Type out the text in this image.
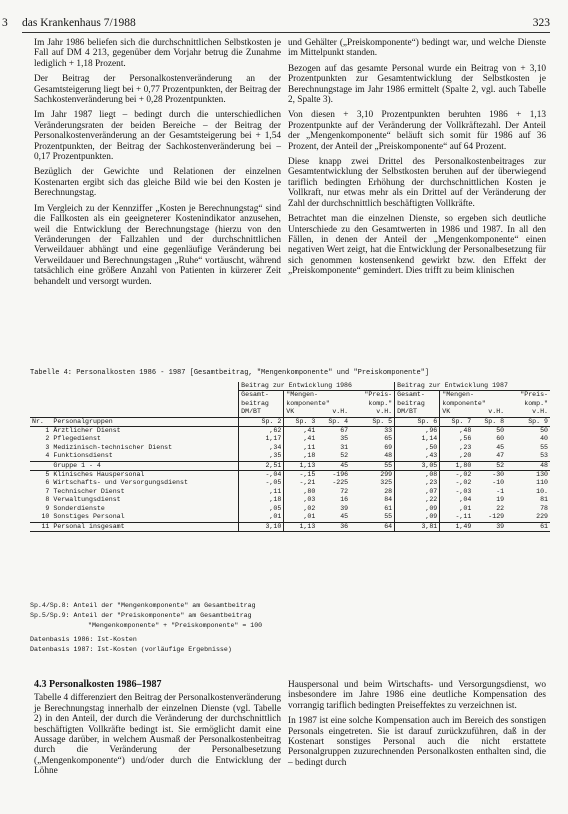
3 das Krankenhaus 7/1988	323

Im Jahr 1986 beliefen sich die durchschnittlichen Selbstkosten je Fall auf DM 4 213, gegenüber dem Vorjahr betrug die Zunahme lediglich + 1,18 Prozent.

Der Beitrag der Personalkostenveränderung an der Gesamtsteigerung liegt bei + 0,77 Prozentpunkten, der Beitrag der Sachkostenveränderung bei + 0,28 Prozentpunkten.

Im Jahr 1987 liegt – bedingt durch die unterschiedlichen Veränderungsraten der beiden Bereiche – der Beitrag der Personalkostenveränderung an der Gesamtsteigerung bei + 1,54 Prozentpunkten, der Beitrag der Sachkostenveränderung bei – 0,17 Prozentpunkten.

Bezüglich der Gewichte und Relationen der einzelnen Kostenarten ergibt sich das gleiche Bild wie bei den Kosten je Berechnungstag.

Im Vergleich zu der Kennziffer „Kosten je Berechnungstag“ sind die Fallkosten als ein geeigneterer Kostenindikator anzusehen, weil die Entwicklung der Berechnungstage (hierzu von den Veränderungen der Fallzahlen und der durchschnittlichen Verweildauer abhängt und eine gegenläufige Veränderung bei Verweildauer und Berechnungstagen „Ruhe“ vortäuscht, während tatsächlich eine größere Anzahl von Patienten in kürzerer Zeit behandelt und versorgt wurden.

und Gehälter („Preiskomponente“) bedingt war, und welche Dienste im Mittelpunkt standen.

Bezogen auf das gesamte Personal wurde ein Beitrag von + 3,10 Prozentpunkten zur Gesamtentwicklung der Selbstkosten je Berechnungstage im Jahr 1986 ermittelt (Spalte 2, vgl. auch Tabelle 2, Spalte 3).

Von diesen + 3,10 Prozentpunkten beruhten 1986 + 1,13 Prozentpunkte auf der Veränderung der Vollkräftezahl. Der Anteil der „Mengenkomponente“ beläuft sich somit für 1986 auf 36 Prozent, der Anteil der „Preiskomponente“ auf 64 Prozent.

Diese knapp zwei Drittel des Personalkostenbeitrages zur Gesamtentwicklung der Selbstkosten beruhen auf der überwiegend tariflich bedingten Erhöhung der durchschnittlichen Kosten je Vollkraft, nur etwas mehr als ein Drittel auf der Veränderung der Zahl der durchschnittlich beschäftigten Vollkräfte.

Betrachtet man die einzelnen Dienste, so ergeben sich deutliche Unterschiede zu den Gesamtwerten in 1986 und 1987. In all den Fällen, in denen der Anteil der „Mengenkomponente“ einen negativen Wert zeigt, hat die Entwicklung der Personalbesetzung für sich genommen kostensenkend gewirkt bzw. den Effekt der „Preiskomponente“ gemindert. Dies trifft zu beim klinischen

Tabelle 4: Personalkosten 1986 - 1987 [Gesamtbeitrag, "Mengenkomponente" und "Preiskomponente"]
		Beitrag zur Entwicklung 1986				Beitrag zur Entwicklung 1987			
		Gesamt-	"Mengen-		"Preis-	Gesamt-	"Mengen-		"Preis-
		beitrag	komponente"		komp."	beitrag	komponente"		komp."
		DM/BT	VK	v.H.	v.H.	DM/BT	VK	v.H.	v.H.
Nr.	Personalgruppen	Sp. 2	Sp. 3	Sp. 4	Sp. 5	Sp. 6	Sp. 7	Sp. 8	Sp. 9
1	Ärztlicher Dienst	,62	,41	67	33	,96	,48	50	50
2	Pflegedienst	1,17	,41	35	65	1,14	,56	60	40
3	Medizinisch-technischer Dienst	,34	,11	31	69	,50	,23	45	55
4	Funktionsdienst	,35	,18	52	48	,43	,20	47	53
	Gruppe 1 - 4	2,51	1,13	45	55	3,05	1,80	52	48
5	Klinisches Hauspersonal	-,04	-,15	-196	299	,08	-,02	-30	130
6	Wirtschafts- und Versorgungsdienst	-,05	-,21	-225	325	,23	-,02	-10	110
7	Technischer Dienst	,11	,80	72	28	,07	-,03	-1	10.
8	Verwaltungsdienst	,18	,03	16	84	,22	,04	19	81
9	Sonderdienste	,05	,02	39	61	,09	,01	22	78
10	Sonstiges Personal	,01	,01	45	55	,09	-,11	-129	229
11	Personal insgesamt	3,10	1,13	36	64	3,81	1,49	39	61
Sp.4/Sp.8: Anteil der "Mengenkomponente" am Gesamtbeitrag
Sp.5/Sp.9: Anteil der "Preiskomponente" am Gesamtbeitrag
"Mengenkomponente" + "Preiskomponente" = 100
Datenbasis 1986: Ist-Kosten
Datenbasis 1987: Ist-Kosten (vorläufige Ergebnisse)
4.3 Personalkosten 1986–1987

Tabelle 4 differenziert den Beitrag der Personalkostenveränderung je Berechnungstag innerhalb der einzelnen Dienste (vgl. Tabelle 2) in den Anteil, der durch die Veränderung der durchschnittlich beschäftigten Vollkräfte bedingt ist. Sie ermöglicht damit eine Aussage darüber, in welchem Ausmaß der Personalkostenbeitrag durch die Veränderung der Personalbesetzung („Mengenkomponente“) und/oder durch die Entwicklung der Löhne

Hauspersonal und beim Wirtschafts- und Versorgungsdienst, wo insbesondere im Jahre 1986 eine deutliche Kompensation des vorrangig tariflich bedingten Preiseffektes zu verzeichnen ist.

In 1987 ist eine solche Kompensation auch im Bereich des sonstigen Personals eingetreten. Sie ist darauf zurückzuführen, daß in der Kostenart sonstiges Personal auch die nicht erstattete Personalgruppen zuzurechnenden Personalkosten enthalten sind, die – bedingt durch
